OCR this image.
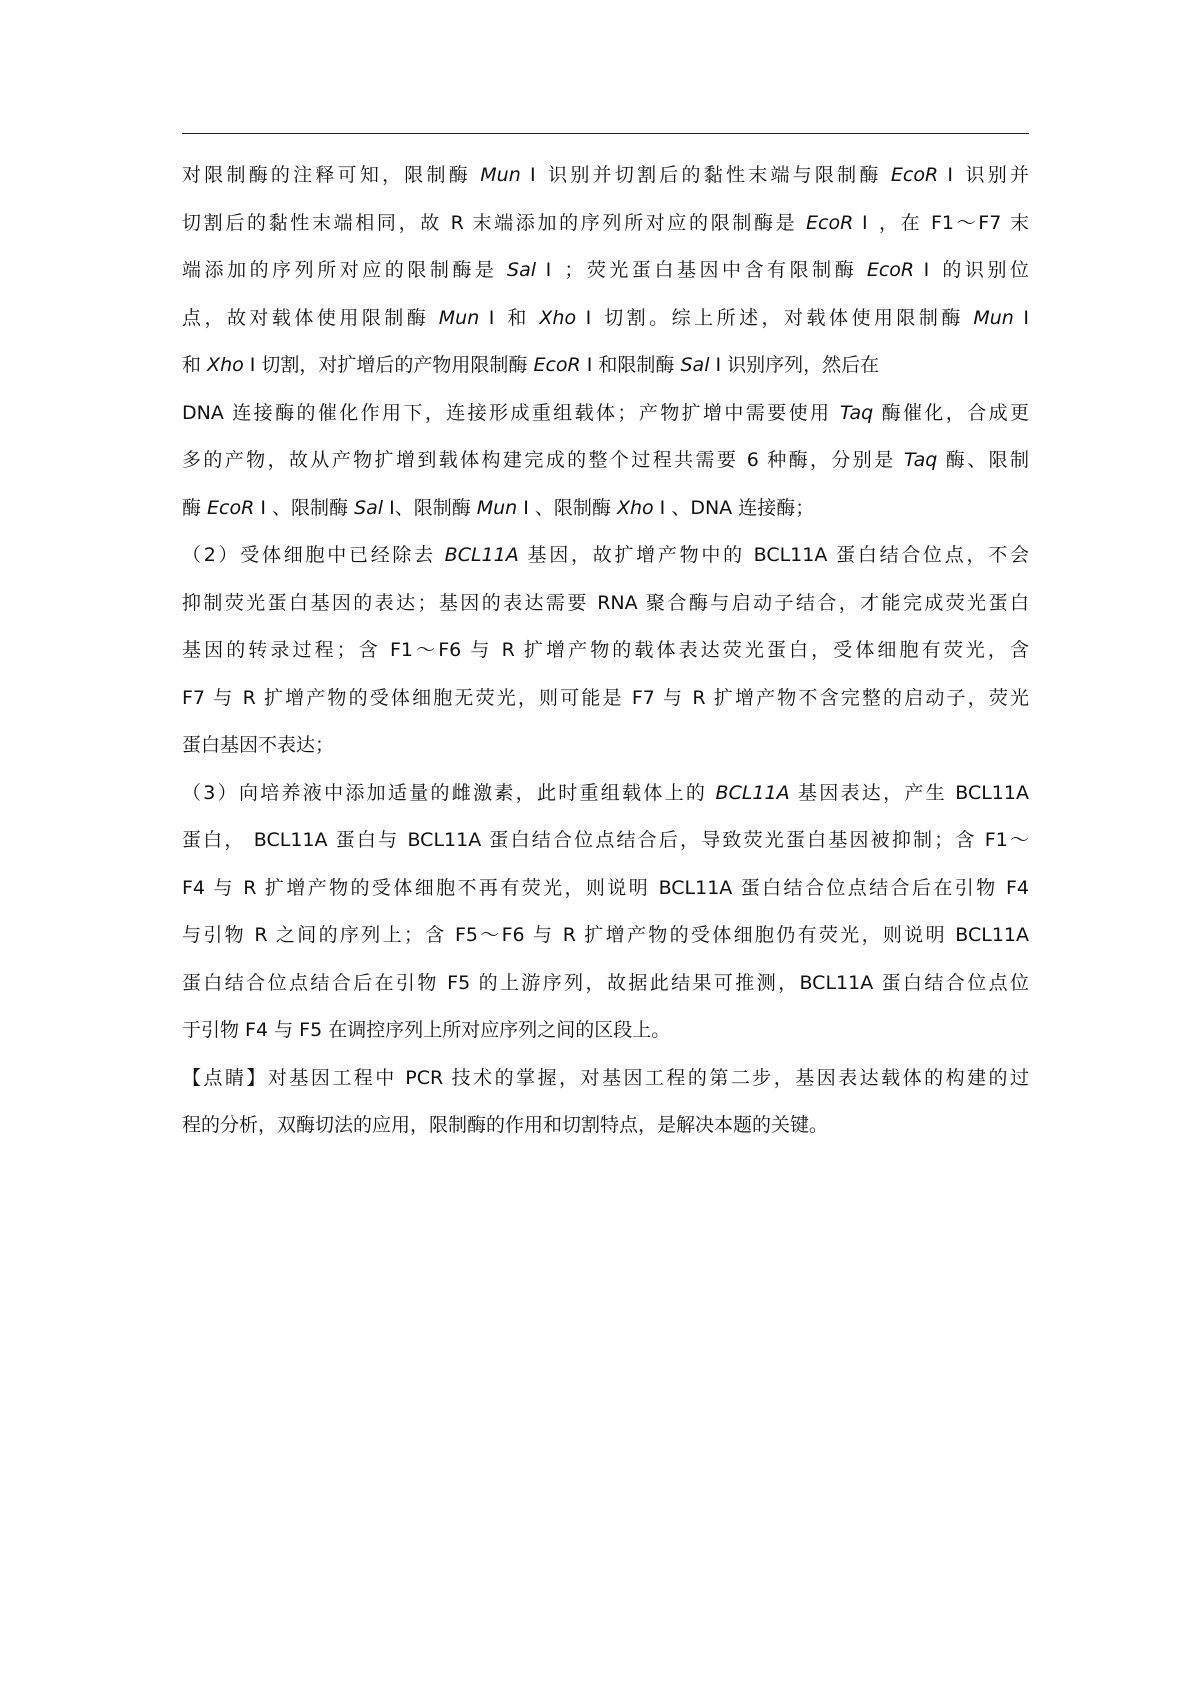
对限制酶的注释可知，限制酶 Mun Ⅰ 识别并切割后的黏性末端与限制酶 EcoR Ⅰ 识别并
切割后的黏性末端相同，故 R 末端添加的序列所对应的限制酶是 EcoR Ⅰ ，在 F1～F7 末
端添加的序列所对应的限制酶是 Sal Ⅰ ；荧光蛋白基因中含有限制酶 EcoR Ⅰ 的识别位
点，故对载体使用限制酶 Mun Ⅰ 和 Xho Ⅰ 切割。综上所述，对载体使用限制酶 Mun Ⅰ
和 Xho Ⅰ 切割，对扩增后的产物用限制酶 EcoR Ⅰ 和限制酶 Sal Ⅰ 识别序列，然后在
DNA 连接酶的催化作用下，连接形成重组载体；产物扩增中需要使用 Taq 酶催化，合成更
多的产物，故从产物扩增到载体构建完成的整个过程共需要 6 种酶，分别是 Taq 酶、限制
酶 EcoR Ⅰ 、限制酶 Sal Ⅰ、限制酶 Mun Ⅰ 、限制酶 Xho Ⅰ 、DNA 连接酶；
（2）受体细胞中已经除去 BCL11A 基因，故扩增产物中的 BCL11A 蛋白结合位点，不会
抑制荧光蛋白基因的表达；基因的表达需要 RNA 聚合酶与启动子结合，才能完成荧光蛋白
基因的转录过程；含 F1～F6 与 R 扩增产物的载体表达荧光蛋白，受体细胞有荧光，含
F7 与 R 扩增产物的受体细胞无荧光，则可能是 F7 与 R 扩增产物不含完整的启动子，荧光
蛋白基因不表达；
（3）向培养液中添加适量的雌激素，此时重组载体上的 BCL11A 基因表达，产生 BCL11A
蛋白， BCL11A 蛋白与 BCL11A 蛋白结合位点结合后，导致荧光蛋白基因被抑制；含 F1～
F4 与 R 扩增产物的受体细胞不再有荧光，则说明 BCL11A 蛋白结合位点结合后在引物 F4
与引物 R 之间的序列上；含 F5～F6 与 R 扩增产物的受体细胞仍有荧光，则说明 BCL11A
蛋白结合位点结合后在引物 F5 的上游序列，故据此结果可推测，BCL11A 蛋白结合位点位
于引物 F4 与 F5 在调控序列上所对应序列之间的区段上。
【点睛】对基因工程中 PCR 技术的掌握，对基因工程的第二步，基因表达载体的构建的过
程的分析，双酶切法的应用，限制酶的作用和切割特点，是解决本题的关键。
